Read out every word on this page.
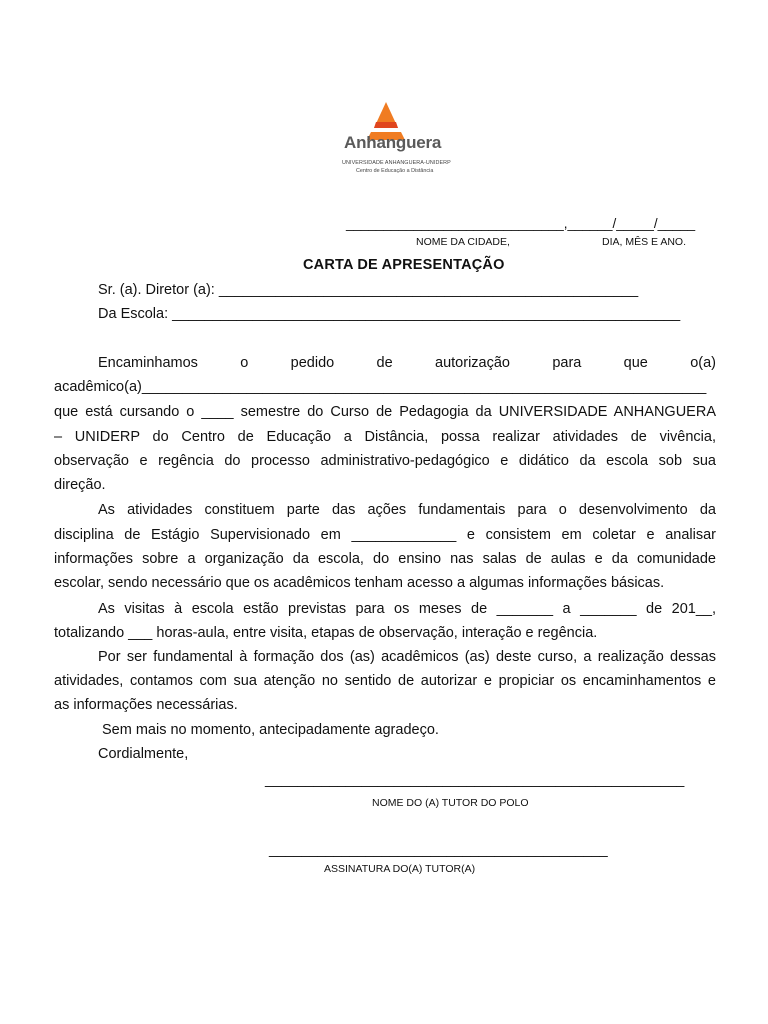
Anhanguera
UNIVERSIDADE ANHANGUERA-UNIDERP
Centro de Educação a Distância
_____________________________,______/_____/_____
NOME DA CIDADE,	DIA, MÊS E ANO.
CARTA DE APRESENTAÇÃO
Sr. (a). Diretor (a): ____________________________________________________
Da Escola: _______________________________________________________________
Encaminhamos	o	pedido	de	autorização	para	que	o(a)
acadêmico(a)______________________________________________________________________
que está cursando o ____ semestre do Curso de Pedagogia da UNIVERSIDADE ANHANGUERA
– UNIDERP do Centro de Educação a Distância, possa realizar atividades de vivência,
observação e regência do processo administrativo-pedagógico e didático da escola sob sua
direção.
As atividades constituem parte das ações fundamentais para o desenvolvimento da
disciplina de Estágio Supervisionado em _____________ e consistem em coletar e analisar
informações sobre a organização da escola, do ensino nas salas de aulas e da comunidade
escolar, sendo necessário que os acadêmicos tenham acesso a algumas informações básicas.
As visitas à escola estão previstas para os meses de _______ a _______ de 201__,
totalizando ___ horas-aula, entre visita, etapas de observação, interação e regência.
Por ser fundamental à formação dos (as) acadêmicos (as) deste curso, a realização dessas
atividades, contamos com sua atenção no sentido de autorizar e propiciar os encaminhamentos e
as informações necessárias.
Sem mais no momento, antecipadamente agradeço.
Cordialmente,
____________________________________________________
NOME DO (A) TUTOR DO POLO
__________________________________________
ASSINATURA DO(A) TUTOR(A)
